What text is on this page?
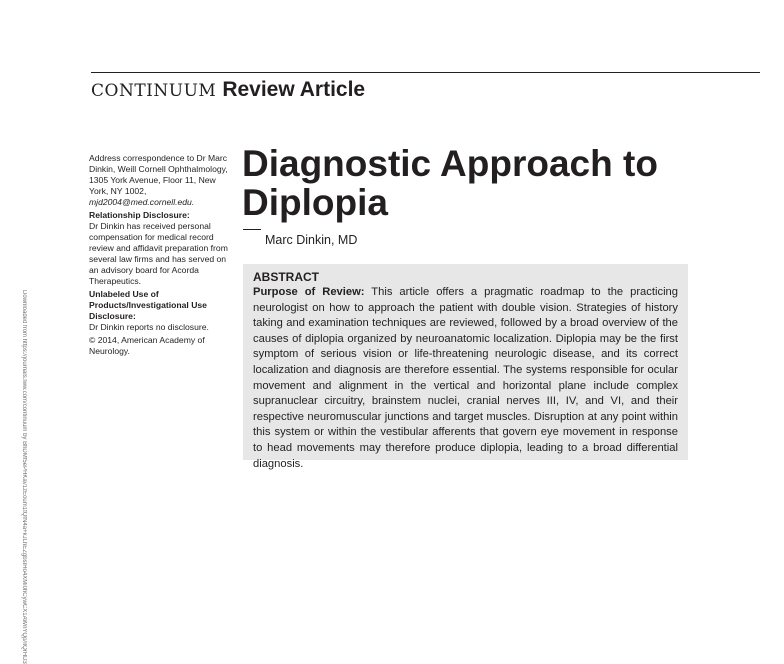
CONTINUUM Review Article
Downloaded from https://journals.lww.com/continuum by BhDMf5ePHKav1zEoum1tQfN4a+kJLhEZgbsIHo4XMi0hCywCX1AWnYQp/IlQrHD3

Address correspondence to Dr Marc Dinkin, Weill Cornell Ophthalmology, 1305 York Avenue, Floor 11, New York, NY 1002, mjd2004@med.cornell.edu.

Relationship Disclosure:
Dr Dinkin has received personal compensation for medical record review and affidavit preparation from several law firms and has served on an advisory board for Acorda Therapeutics.

Unlabeled Use of Products/Investigational Use Disclosure:
Dr Dinkin reports no disclosure.

© 2014, American Academy of Neurology.

Diagnostic Approach to Diplopia
Marc Dinkin, MD
ABSTRACT

Purpose of Review: This article offers a pragmatic roadmap to the practicing neurologist on how to approach the patient with double vision. Strategies of history taking and examination techniques are reviewed, followed by a broad overview of the causes of diplopia organized by neuroanatomic localization. Diplopia may be the first symptom of serious vision or life-threatening neurologic disease, and its correct localization and diagnosis are therefore essential. The systems responsible for ocular movement and alignment in the vertical and horizontal plane include complex supranuclear circuitry, brainstem nuclei, cranial nerves III, IV, and VI, and their respective neuromuscular junctions and target muscles. Disruption at any point within this system or within the vestibular afferents that govern eye movement in response to head movements may therefore produce diplopia, leading to a broad differential diagnosis.
